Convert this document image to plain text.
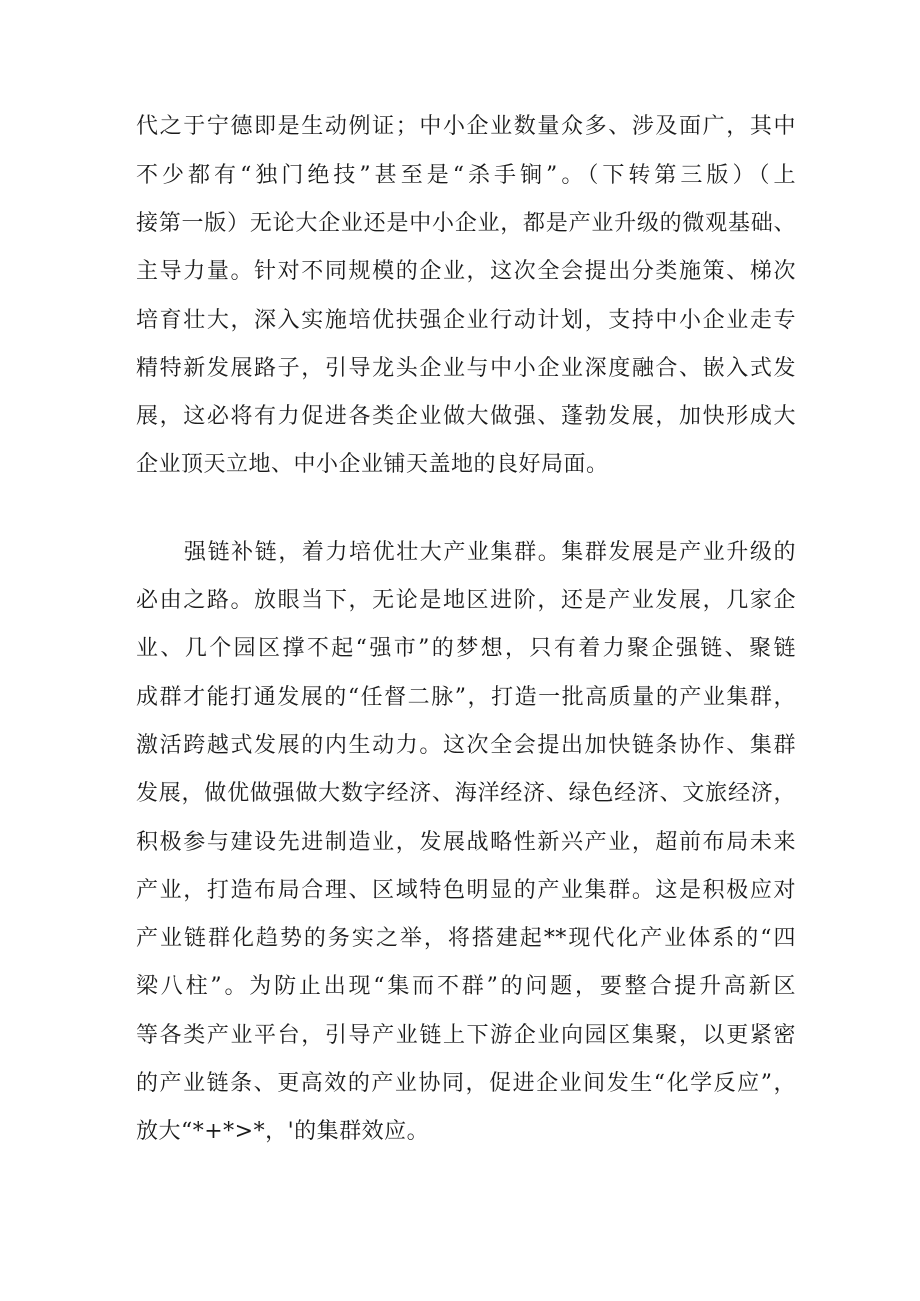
代之于宁德即是生动例证；中小企业数量众多、涉及面广，其中
不少都有“独门绝技”甚至是“杀手锏”。（下转第三版）（上
接第一版）无论大企业还是中小企业，都是产业升级的微观基础、
主导力量。针对不同规模的企业，这次全会提出分类施策、梯次
培育壮大，深入实施培优扶强企业行动计划，支持中小企业走专
精特新发展路子，引导龙头企业与中小企业深度融合、嵌入式发
展，这必将有力促进各类企业做大做强、蓬勃发展，加快形成大
企业顶天立地、中小企业铺天盖地的良好局面。
强链补链，着力培优壮大产业集群。集群发展是产业升级的
必由之路。放眼当下，无论是地区进阶，还是产业发展，几家企
业、几个园区撑不起“强市”的梦想，只有着力聚企强链、聚链
成群才能打通发展的“任督二脉”，打造一批高质量的产业集群，
激活跨越式发展的内生动力。这次全会提出加快链条协作、集群
发展，做优做强做大数字经济、海洋经济、绿色经济、文旅经济，
积极参与建设先进制造业，发展战略性新兴产业，超前布局未来
产业，打造布局合理、区域特色明显的产业集群。这是积极应对
产业链群化趋势的务实之举，将搭建起**现代化产业体系的“四
梁八柱”。为防止出现“集而不群”的问题，要整合提升高新区
等各类产业平台，引导产业链上下游企业向园区集聚，以更紧密
的产业链条、更高效的产业协同，促进企业间发生“化学反应”，
放大“*+*>*，'的集群效应。
